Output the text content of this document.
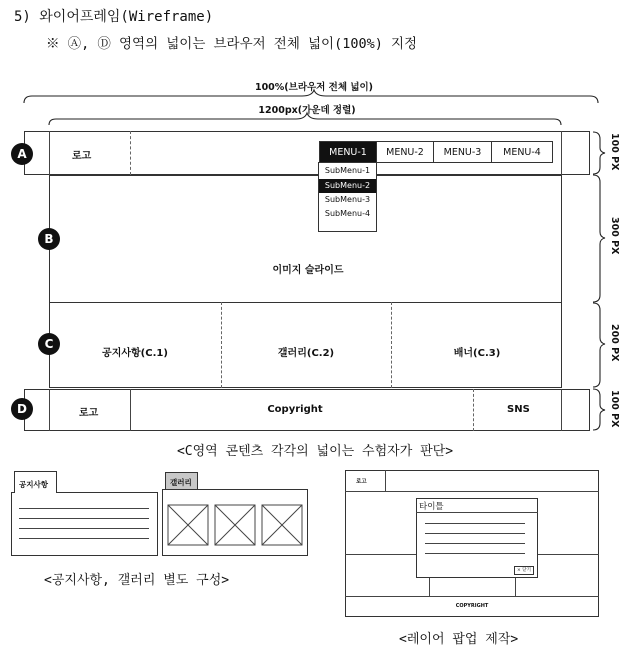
5) 와이어프레임(Wireframe)
※ Ⓐ, Ⓓ 영역의 넓이는 브라우저 전체 넓이(100%) 지정
100%(브라우저 전체 넓이)
1200px(가운데 정렬)
로고	MENU-1	MENU-2	MENU-3	MENU-4
이미지 슬라이드
SubMenu-1
SubMenu-2
SubMenu-3
SubMenu-4
공지사항(C.1)	갤러리(C.2)	배너(C.3)
로고	Copyright	SNS
A
B
C
D
100 PX
300 PX
200 PX
100 PX
<C영역 콘텐츠 각각의 넓이는 수험자가 판단>
공지사항	갤러리
<공지사항, 갤러리 별도 구성>
로고
COPYRIGHT
타이틀
× 닫기
<레이어 팝업 제작>
